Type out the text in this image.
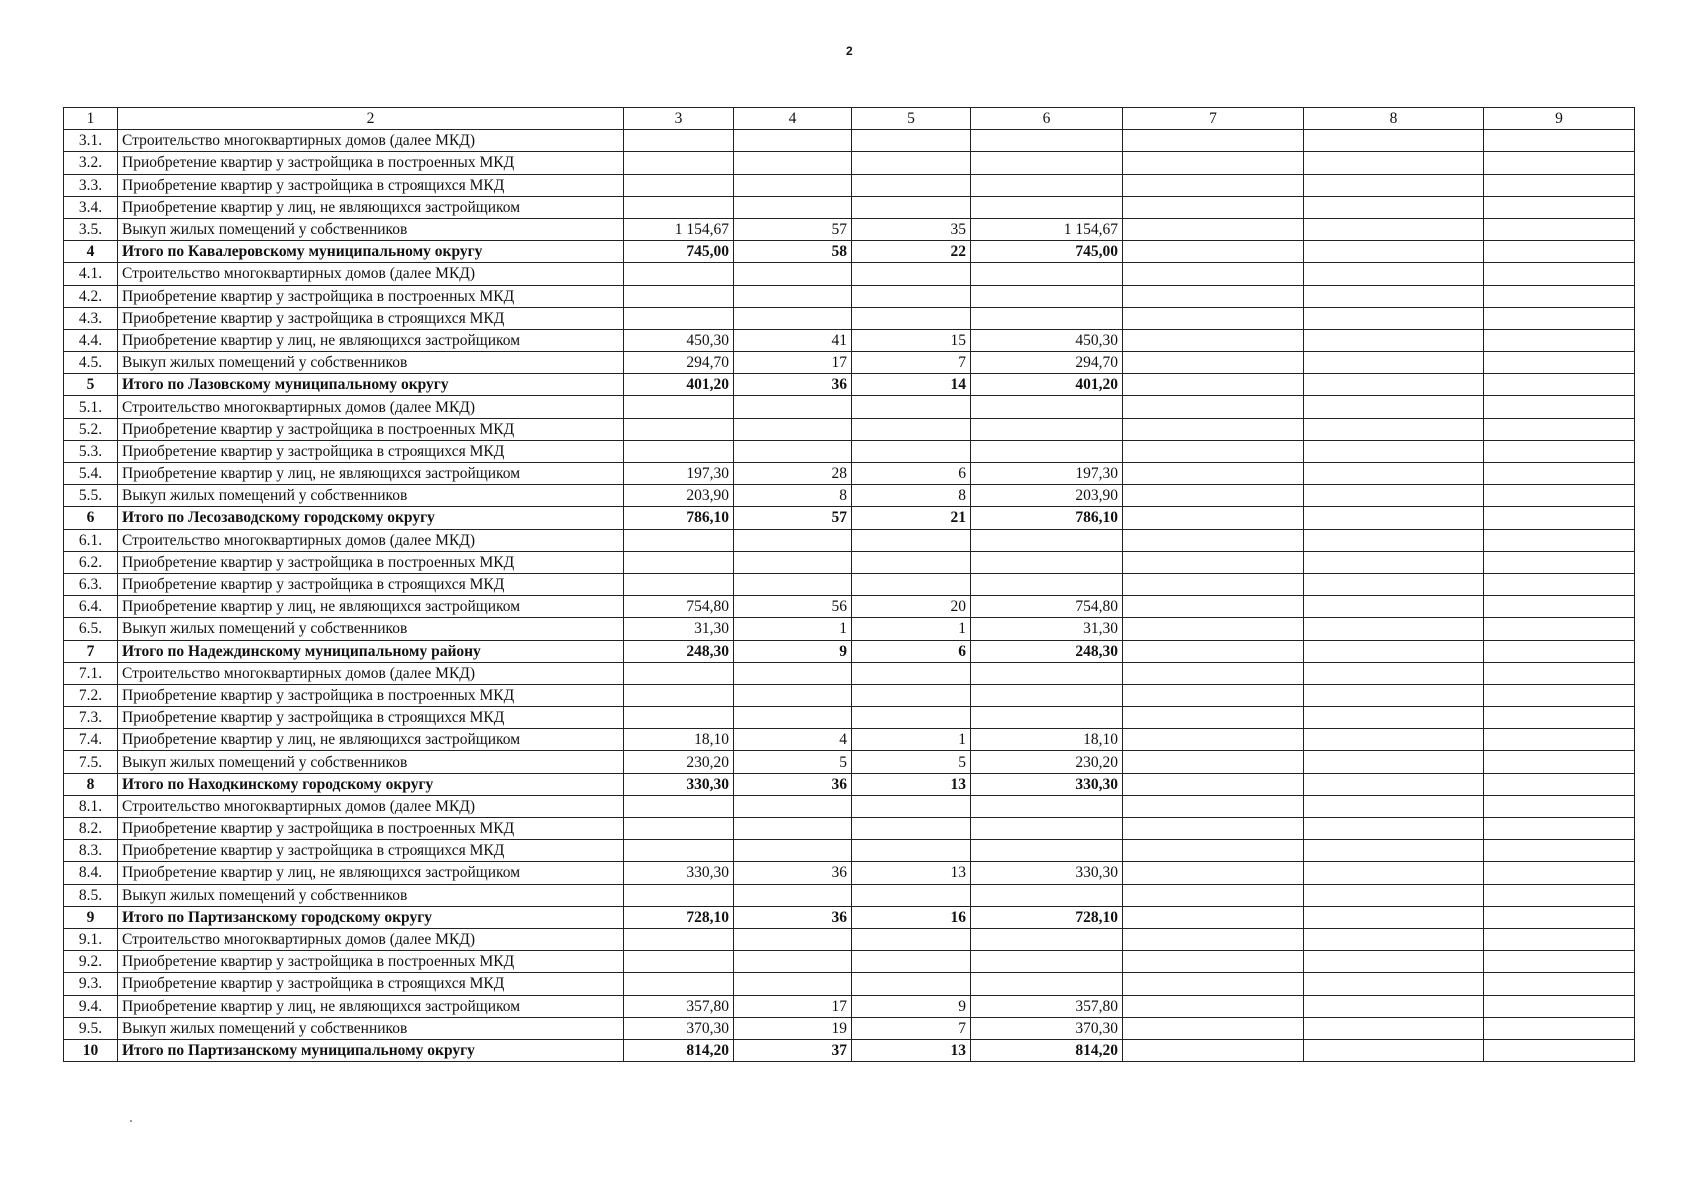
2
1	2	3	4	5	6	7	8	9
3.1.	Строительство многоквартирных домов (далее МКД)							
3.2.	Приобретение квартир у застройщика в построенных МКД							
3.3.	Приобретение квартир у застройщика в строящихся МКД							
3.4.	Приобретение квартир у лиц, не являющихся застройщиком							
3.5.	Выкуп жилых помещений у собственников	1 154,67	57	35	1 154,67			
4	Итого по Кавалеровскому муниципальному округу	745,00	58	22	745,00			
4.1.	Строительство многоквартирных домов (далее МКД)							
4.2.	Приобретение квартир у застройщика в построенных МКД							
4.3.	Приобретение квартир у застройщика в строящихся МКД							
4.4.	Приобретение квартир у лиц, не являющихся застройщиком	450,30	41	15	450,30			
4.5.	Выкуп жилых помещений у собственников	294,70	17	7	294,70			
5	Итого по Лазовскому муниципальному округу	401,20	36	14	401,20			
5.1.	Строительство многоквартирных домов (далее МКД)							
5.2.	Приобретение квартир у застройщика в построенных МКД							
5.3.	Приобретение квартир у застройщика в строящихся МКД							
5.4.	Приобретение квартир у лиц, не являющихся застройщиком	197,30	28	6	197,30			
5.5.	Выкуп жилых помещений у собственников	203,90	8	8	203,90			
6	Итого по Лесозаводскому городскому округу	786,10	57	21	786,10			
6.1.	Строительство многоквартирных домов (далее МКД)							
6.2.	Приобретение квартир у застройщика в построенных МКД							
6.3.	Приобретение квартир у застройщика в строящихся МКД							
6.4.	Приобретение квартир у лиц, не являющихся застройщиком	754,80	56	20	754,80			
6.5.	Выкуп жилых помещений у собственников	31,30	1	1	31,30			
7	Итого по Надеждинскому муниципальному району	248,30	9	6	248,30			
7.1.	Строительство многоквартирных домов (далее МКД)							
7.2.	Приобретение квартир у застройщика в построенных МКД							
7.3.	Приобретение квартир у застройщика в строящихся МКД							
7.4.	Приобретение квартир у лиц, не являющихся застройщиком	18,10	4	1	18,10			
7.5.	Выкуп жилых помещений у собственников	230,20	5	5	230,20			
8	Итого по Находкинскому городскому округу	330,30	36	13	330,30			
8.1.	Строительство многоквартирных домов (далее МКД)							
8.2.	Приобретение квартир у застройщика в построенных МКД							
8.3.	Приобретение квартир у застройщика в строящихся МКД							
8.4.	Приобретение квартир у лиц, не являющихся застройщиком	330,30	36	13	330,30			
8.5.	Выкуп жилых помещений у собственников							
9	Итого по Партизанскому городскому округу	728,10	36	16	728,10			
9.1.	Строительство многоквартирных домов (далее МКД)							
9.2.	Приобретение квартир у застройщика в построенных МКД							
9.3.	Приобретение квартир у застройщика в строящихся МКД							
9.4.	Приобретение квартир у лиц, не являющихся застройщиком	357,80	17	9	357,80			
9.5.	Выкуп жилых помещений у собственников	370,30	19	7	370,30			
10	Итого по Партизанскому муниципальному округу	814,20	37	13	814,20			
